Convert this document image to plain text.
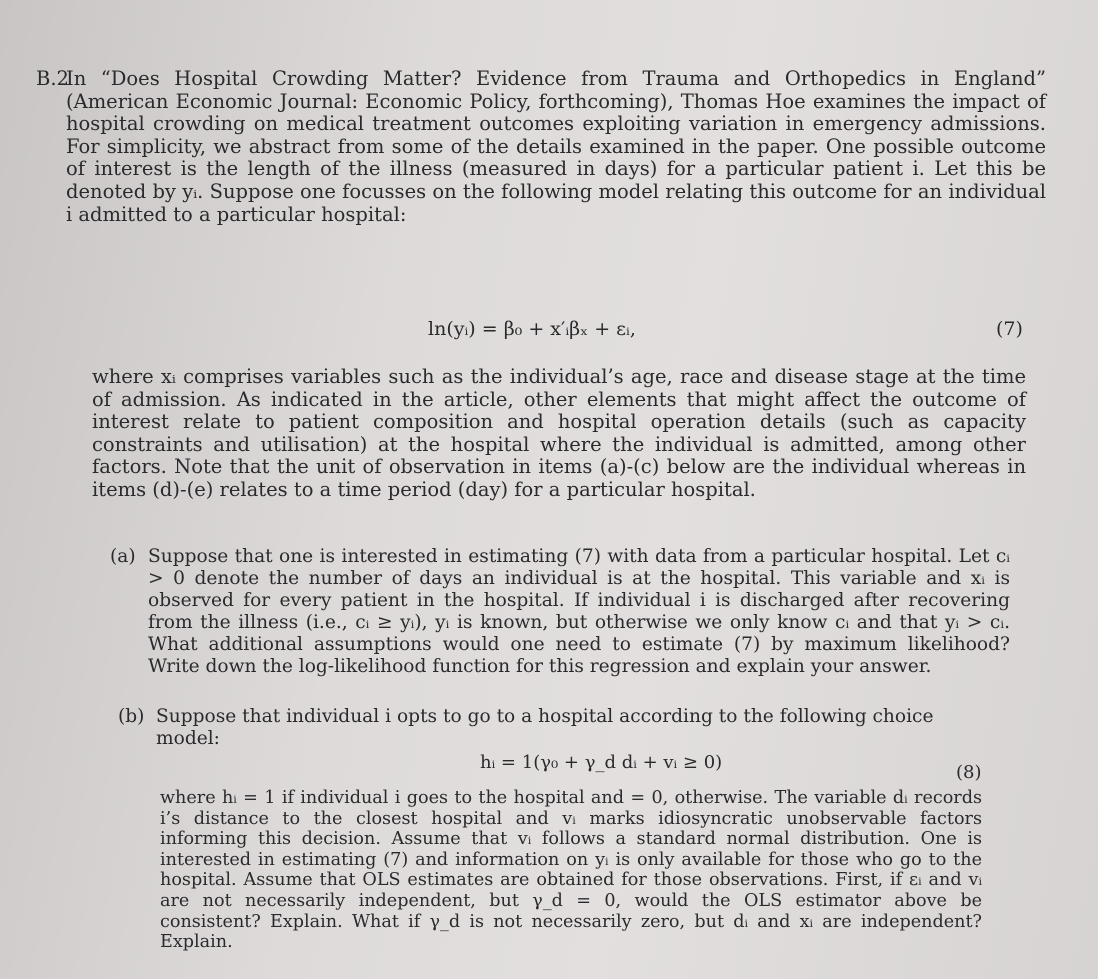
B.2
In “Does Hospital Crowding Matter? Evidence from Trauma and Orthopedics in England” (American Economic Journal: Economic Policy, forthcoming), Thomas Hoe examines the impact of hospital crowding on medical treatment outcomes exploiting variation in emergency admissions. For simplicity, we abstract from some of the details examined in the paper. One possible outcome of interest is the length of the illness (measured in days) for a particular patient i. Let this be denoted by yᵢ. Suppose one focusses on the following model relating this outcome for an individual i admitted to a particular hospital:
ln(yᵢ) = β₀ + x′ᵢβₓ + εᵢ,	(7)
where xᵢ comprises variables such as the individual’s age, race and disease stage at the time of admission. As indicated in the article, other elements that might affect the outcome of interest relate to patient composition and hospital operation details (such as capacity constraints and utilisation) at the hospital where the individual is admitted, among other factors. Note that the unit of observation in items (a)-(c) below are the individual whereas in items (d)-(e) relates to a time period (day) for a particular hospital.
(a) Suppose that one is interested in estimating (7) with data from a particular hospital. Let cᵢ > 0 denote the number of days an individual is at the hospital. This variable and xᵢ is observed for every patient in the hospital. If individual i is discharged after recovering from the illness (i.e., cᵢ ≥ yᵢ), yᵢ is known, but otherwise we only know cᵢ and that yᵢ > cᵢ. What additional assumptions would one need to estimate (7) by maximum likelihood? Write down the log-likelihood function for this regression and explain your answer.
(b) Suppose that individual i opts to go to a hospital according to the following choice model:
hᵢ = 1(γ₀ + γ_d dᵢ + vᵢ ≥ 0)	(8)
where hᵢ = 1 if individual i goes to the hospital and = 0, otherwise. The variable dᵢ records i’s distance to the closest hospital and vᵢ marks idiosyncratic unobservable factors informing this decision. Assume that vᵢ follows a standard normal distribution. One is interested in estimating (7) and information on yᵢ is only available for those who go to the hospital. Assume that OLS estimates are obtained for those observations. First, if εᵢ and vᵢ are not necessarily independent, but γ_d = 0, would the OLS estimator above be consistent? Explain. What if γ_d is not necessarily zero, but dᵢ and xᵢ are independent? Explain.
